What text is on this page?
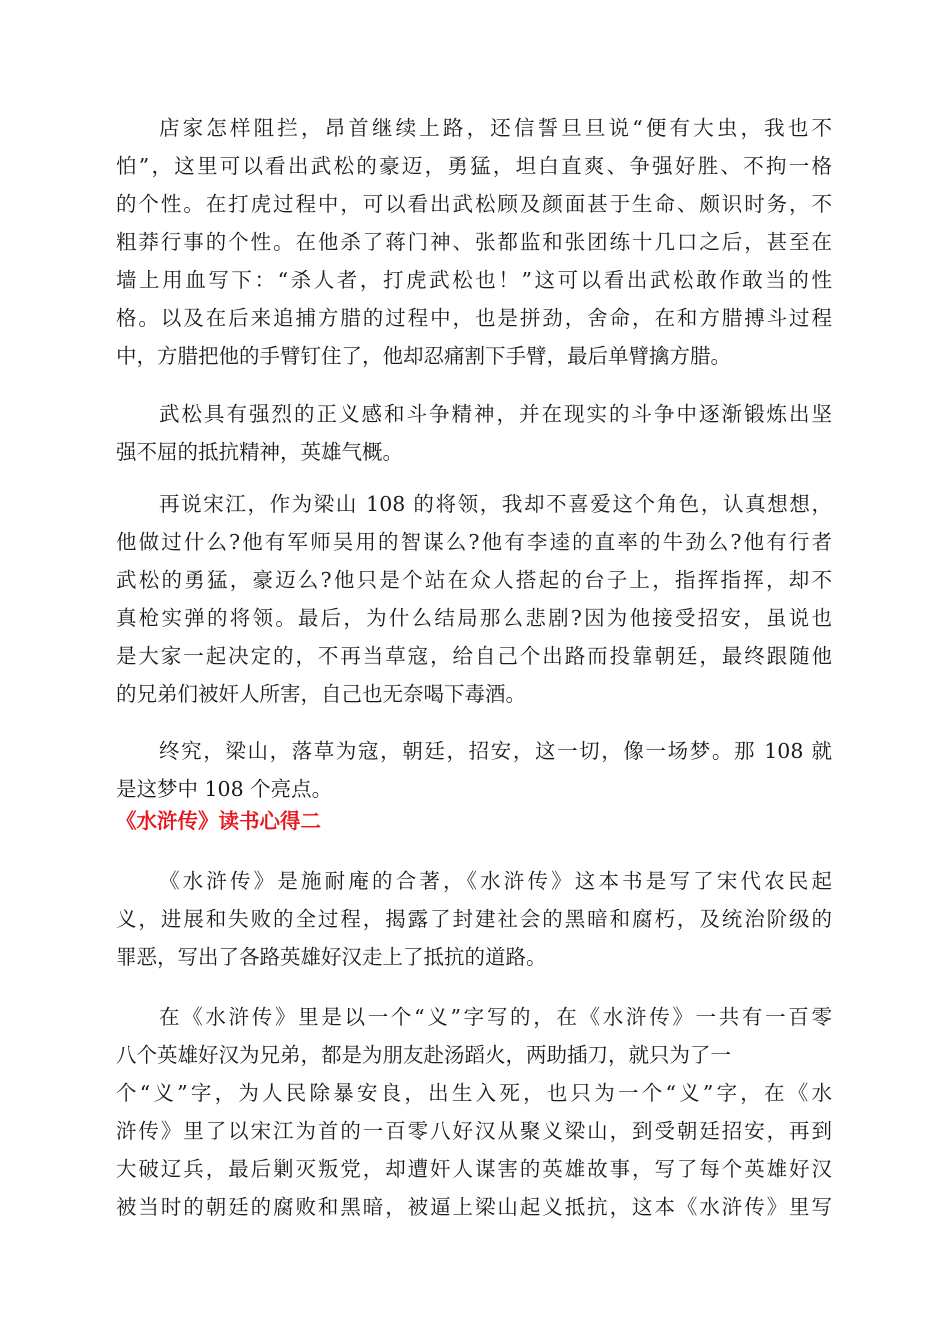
店家怎样阻拦，昂首继续上路，还信誓旦旦说“便有大虫，我也不
怕”，这里可以看出武松的豪迈，勇猛，坦白直爽、争强好胜、不拘一格
的个性。在打虎过程中，可以看出武松顾及颜面甚于生命、颇识时务，不
粗莽行事的个性。在他杀了蒋门神、张都监和张团练十几口之后，甚至在
墙上用血写下：“杀人者，打虎武松也！”这可以看出武松敢作敢当的性
格。以及在后来追捕方腊的过程中，也是拼劲，舍命，在和方腊搏斗过程
中，方腊把他的手臂钉住了，他却忍痛割下手臂，最后单臂擒方腊。
武松具有强烈的正义感和斗争精神，并在现实的斗争中逐渐锻炼出坚
强不屈的抵抗精神，英雄气概。
再说宋江，作为梁山 108 的将领，我却不喜爱这个角色，认真想想，
他做过什么?他有军师吴用的智谋么?他有李逵的直率的牛劲么?他有行者
武松的勇猛，豪迈么?他只是个站在众人搭起的台子上，指挥指挥，却不
真枪实弹的将领。最后，为什么结局那么悲剧?因为他接受招安，虽说也
是大家一起决定的，不再当草寇，给自己个出路而投靠朝廷，最终跟随他
的兄弟们被奸人所害，自己也无奈喝下毒酒。
终究，梁山，落草为寇，朝廷，招安，这一切，像一场梦。那 108 就
是这梦中 108 个亮点。
《水浒传》读书心得二
《水浒传》是施耐庵的合著，《水浒传》这本书是写了宋代农民起
义，进展和失败的全过程，揭露了封建社会的黑暗和腐朽，及统治阶级的
罪恶，写出了各路英雄好汉走上了抵抗的道路。
在《水浒传》里是以一个“义”字写的，在《水浒传》一共有一百零
八个英雄好汉为兄弟，都是为朋友赴汤蹈火，两助插刀，就只为了一
个“义”字，为人民除暴安良，出生入死，也只为一个“义”字，在《水
浒传》里了以宋江为首的一百零八好汉从聚义梁山，到受朝廷招安，再到
大破辽兵，最后剿灭叛党，却遭奸人谋害的英雄故事，写了每个英雄好汉
被当时的朝廷的腐败和黑暗，被逼上梁山起义抵抗，这本《水浒传》里写
